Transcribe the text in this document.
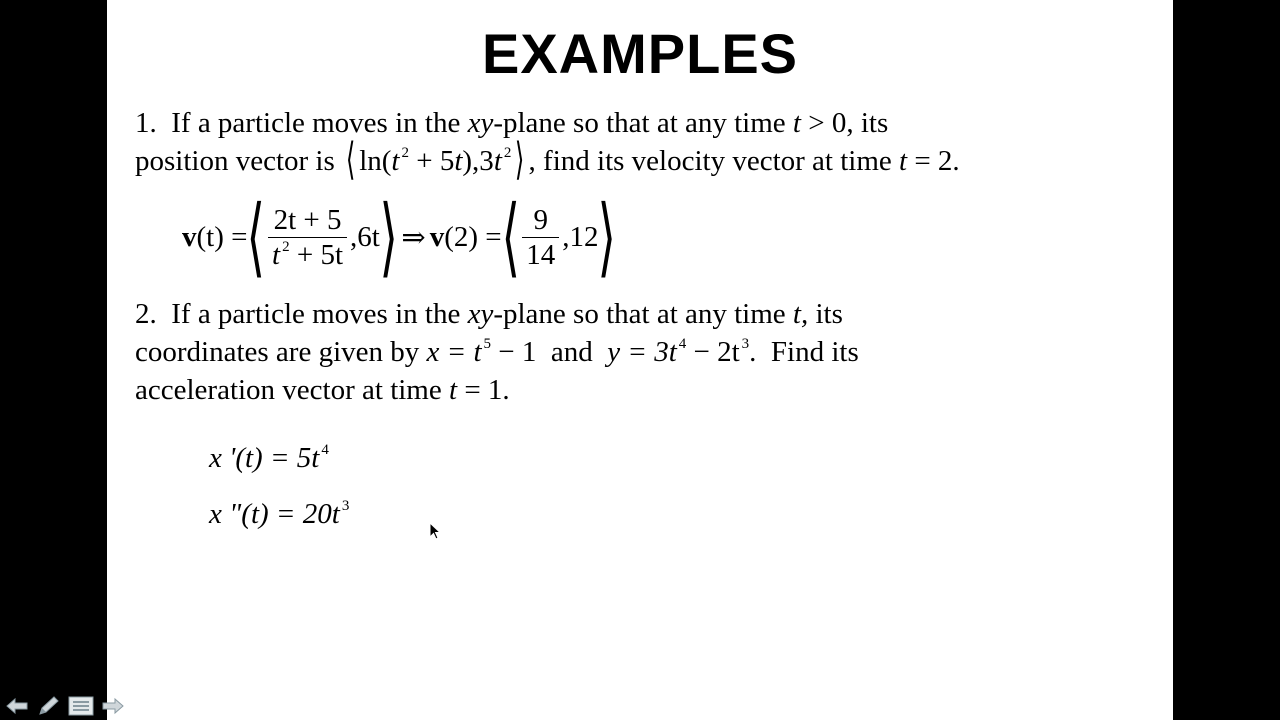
EXAMPLES
1. If a particle moves in the xy-plane so that at any time t > 0, its
position vector is ⟨ ln(t $^2$ + 5t),3t $^2$⟩ , find its velocity vector at time t = 2.
v (t) = ⟨ $\frac{2t + 5}{t ^2 + 5t} ,6t$ ⟩ ⇒ v (2) = ⟨ $\frac{9}{14} ,12$ ⟩
2. If a particle moves in the xy-plane so that at any time t, its
coordinates are given by x = t $^5$ − 1  and  y = 3t $^4$ − 2t $^3$.  Find its
acceleration vector at time t = 1.
x '(t) = 5t $^4$
x "(t) = 20t $^3$
